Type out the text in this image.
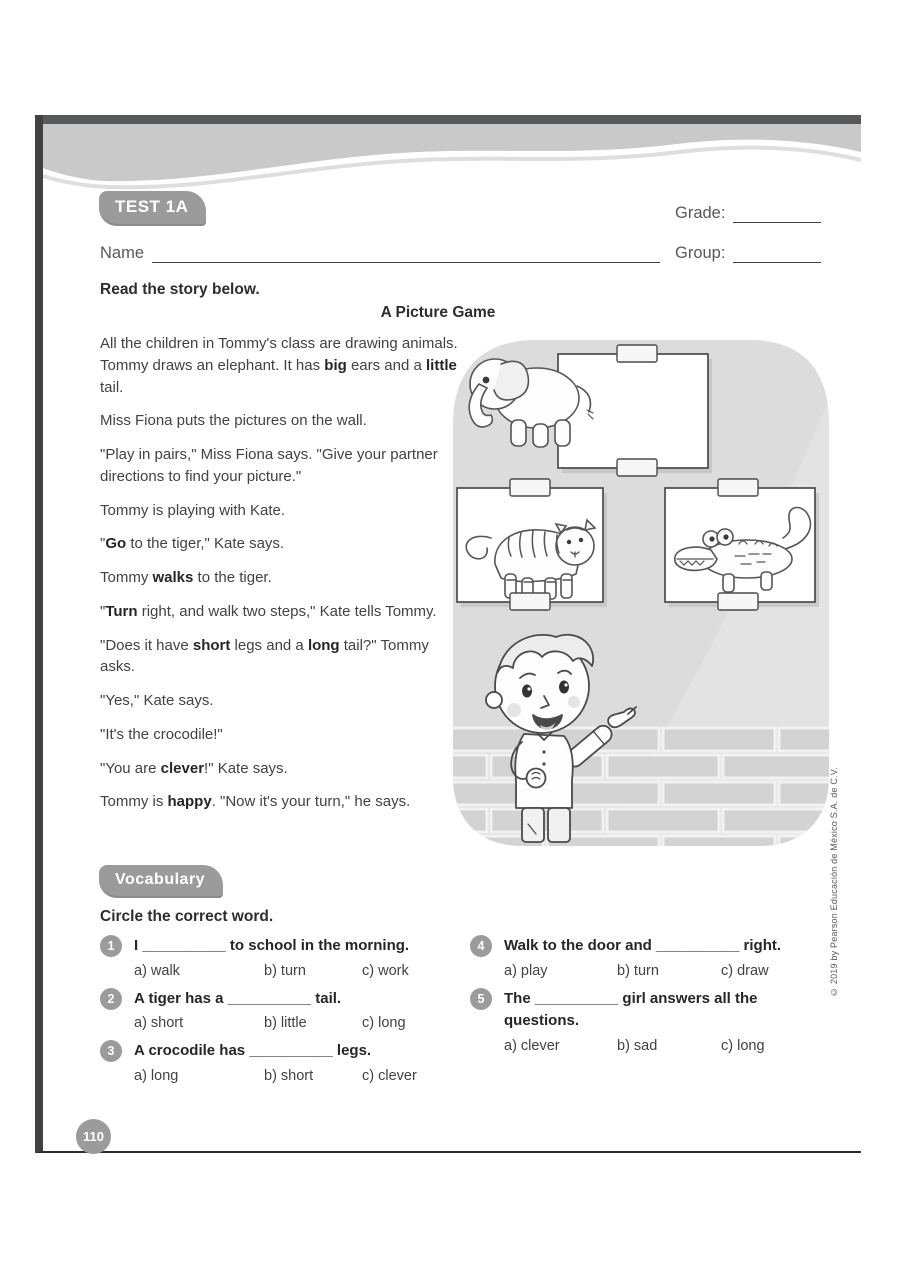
TEST 1A	Grade:
Name	Group:
Read the story below.
A Picture Game

All the children in Tommy's class are drawing animals. Tommy draws an elephant. It has big ears and a little tail.

Miss Fiona puts the pictures on the wall.

"Play in pairs," Miss Fiona says. "Give your partner directions to find your picture."

Tommy is playing with Kate.

"Go to the tiger," Kate says.

Tommy walks to the tiger.

"Turn right, and walk two steps," Kate tells Tommy.

"Does it have short legs and a long tail?" Tommy asks.

"Yes," Kate says.

"It's the crocodile!"

"You are clever!" Kate says.

Tommy is happy. "Now it's your turn," he says.

Vocabulary
Circle the correct word.
1	I __________ to school in the morning.
a) walk	b) turn	c) work
2	A tiger has a __________ tail.
a) short	b) little	c) long
3	A crocodile has __________ legs.
a) long	b) short	c) clever
4	Walk to the door and __________ right.
a) play	b) turn	c) draw
5	The __________ girl answers all the questions.
a) clever	b) sad	c) long
110
© 2019 by Pearson Educación de México S.A. de C.V.
